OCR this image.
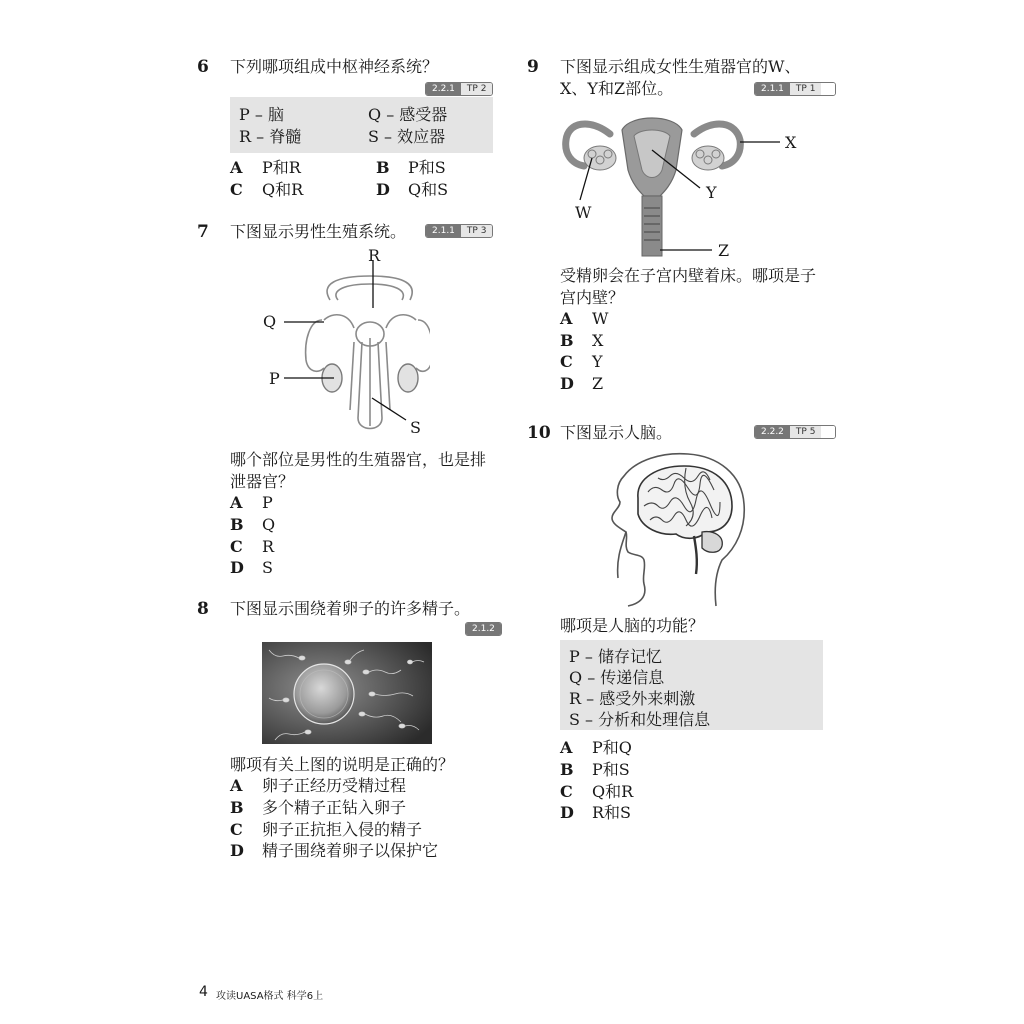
6 下列哪项组成中枢神经系统？
2.2.1	TP 2
P – 脑	Q – 感受器
R – 脊髓	S – 效应器
A P和R	B P和S
C Q和R	D Q和S
7 下图显示男性生殖系统。	2.1.1	TP 3
R
Q
P
S
哪个部位是男性的生殖器官，也是排
泄器官？
A P
B Q
C R
D S
8 下图显示围绕着卵子的许多精子。
2.1.2
哪项有关上图的说明是正确的？
A 卵子正经历受精过程
B 多个精子正钻入卵子
C 卵子正抗拒入侵的精子
D 精子围绕着卵子以保护它
9 下图显示组成女性生殖器官的W、
X、Y和Z部位。	2.1.1	TP 1
X
Y
W
Z
受精卵会在子宫内壁着床。哪项是子
宫内壁？
A W
B X
C Y
D Z
10 下图显示人脑。	2.2.2	TP 5
哪项是人脑的功能？
P – 储存记忆
Q – 传递信息
R – 感受外来刺激
S – 分析和处理信息
A P和Q
B P和S
C Q和R
D R和S
4 攻读UASA格式 科学6上
